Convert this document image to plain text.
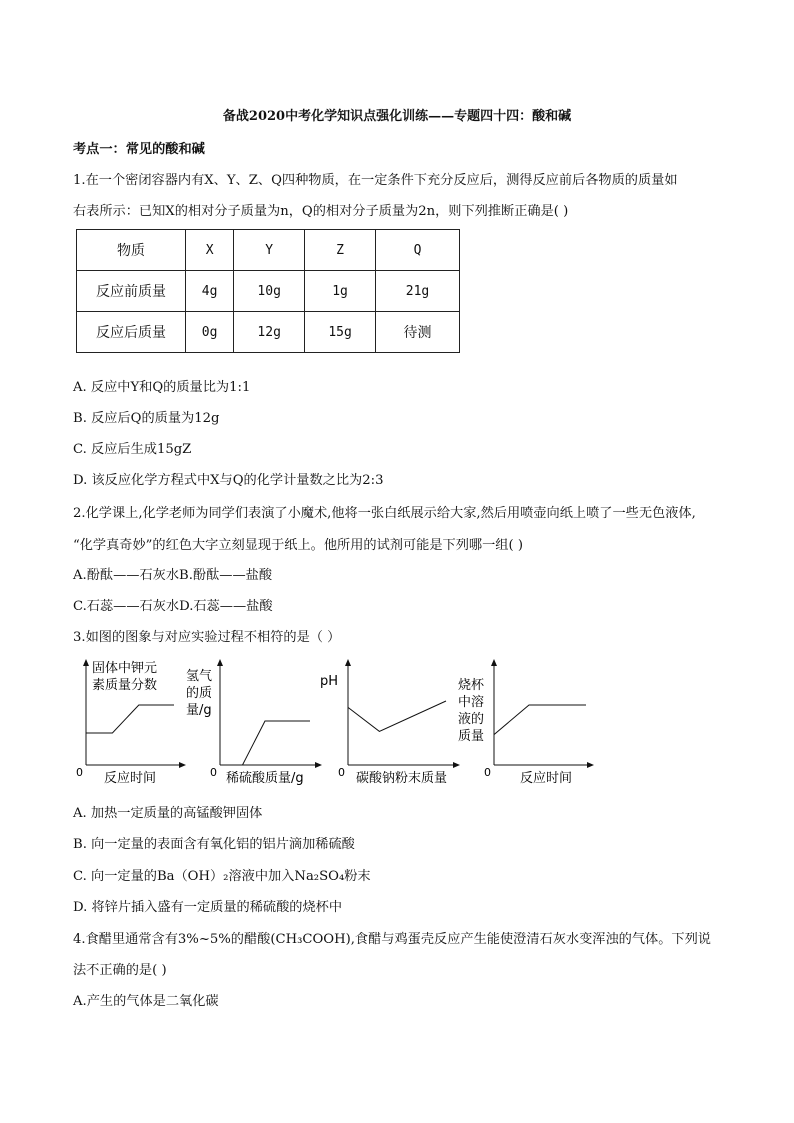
备战2020中考化学知识点强化训练——专题四十四：酸和碱
考点一：常见的酸和碱
1.在一个密闭容器内有X、Y、Z、Q四种物质，在一定条件下充分反应后，测得反应前后各物质的质量如
右表所示：已知X的相对分子质量为n，Q的相对分子质量为2n，则下列推断正确是( )
物质	X	Y	Z	Q
反应前质量	4g	10g	1g	21g
反应后质量	0g	12g	15g	待测
A. 反应中Y和Q的质量比为1:1
B. 反应后Q的质量为12g
C. 反应后生成15gZ
D. 该反应化学方程式中X与Q的化学计量数之比为2:3
2.化学课上,化学老师为同学们表演了小魔术,他将一张白纸展示给大家,然后用喷壶向纸上喷了一些无色液体,
“化学真奇妙”的红色大字立刻显现于纸上。他所用的试剂可能是下列哪一组( )
A.酚酞——石灰水B.酚酞——盐酸
C.石蕊——石灰水D.石蕊——盐酸
3.如图的图象与对应实验过程不相符的是（ ）
固体中钾元
素质量分数
0 反应时间
氢气
的质
量/g
0 稀硫酸质量/g
pH
0 碳酸钠粉末质量
烧杯
中溶
液的
质量
0 反应时间
A. 加热一定质量的高锰酸钾固体
B. 向一定量的表面含有氧化铝的铝片滴加稀硫酸
C. 向一定量的Ba（OH）₂溶液中加入Na₂SO₄粉末
D. 将锌片插入盛有一定质量的稀硫酸的烧杯中
4.食醋里通常含有3%~5%的醋酸(CH₃COOH),食醋与鸡蛋壳反应产生能使澄清石灰水变浑浊的气体。下列说
法不正确的是( )
A.产生的气体是二氧化碳
